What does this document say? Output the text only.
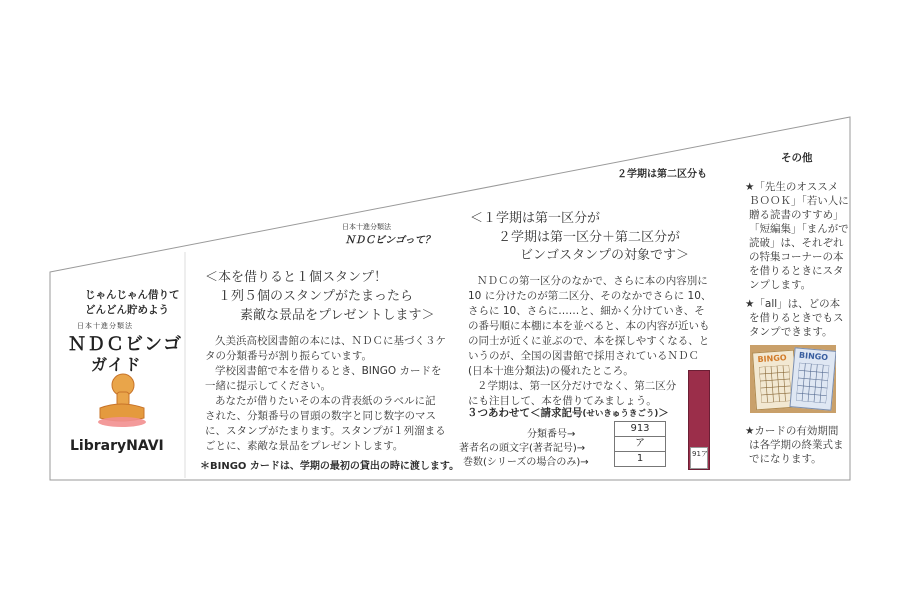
じゃんじゃん借りて
どんどん貯めよう
日本十進分類法
ＮＤＣビンゴ
ガイド
LibraryNAVI
日本十進分類法
ＮＤＣビンゴって？
＜本を借りると１個スタンプ！
１列５個のスタンプがたまったら
素敵な景品をプレゼントします＞
久美浜高校図書館の本には、ＮＤＣに基づく３ケ
タの分類番号が割り振らています。
学校図書館で本を借りるとき、BINGO カードを
一緒に提示してください。
あなたが借りたいその本の背表紙のラベルに記
された、分類番号の冒頭の数字と同じ数字のマス
に、スタンプがたまります。スタンプが１列溜まる
ごとに、素敵な景品をプレゼントします。
＊BINGO カードは、学期の最初の貸出の時に渡します。
２学期は第二区分も
＜１学期は第一区分が
２学期は第一区分＋第二区分が
ビンゴスタンプの対象です＞
ＮＤＣの第一区分のなかで、さらに本の内容別に
10 に分けたのが第二区分、そのなかでさらに 10、
さらに 10、さらに……と、細かく分けていき、そ
の番号順に本棚に本を並べると、本の内容が近いも
の同士が近くに並ぶので、本を探しやすくなる、と
いうのが、全国の図書館で採用されているＮＤＣ
(日本十進分類法)の優れたところ。
２学期は、第一区分だけでなく、第二区分
にも注目して、本を借りてみましょう。
91ア
３つあわせて＜請求記号(せいきゅうきごう)＞
分類番号→
著者名の頭文字(著者記号)→
巻数(シリーズの場合のみ)→
913
ア
1
その他
★「先生のオススメ
ＢＯＯＫ」「若い人に
贈る読書のすすめ」
「短編集」「まんがで
読破」は、それぞれ
の特集コーナーの本
を借りるときにスタ
ンプします。
★「all」は、どの本
を借りるときでもス
タンプできます。
BINGO BINGO
★カードの有効期間
は各学期の終業式ま
でになります。
